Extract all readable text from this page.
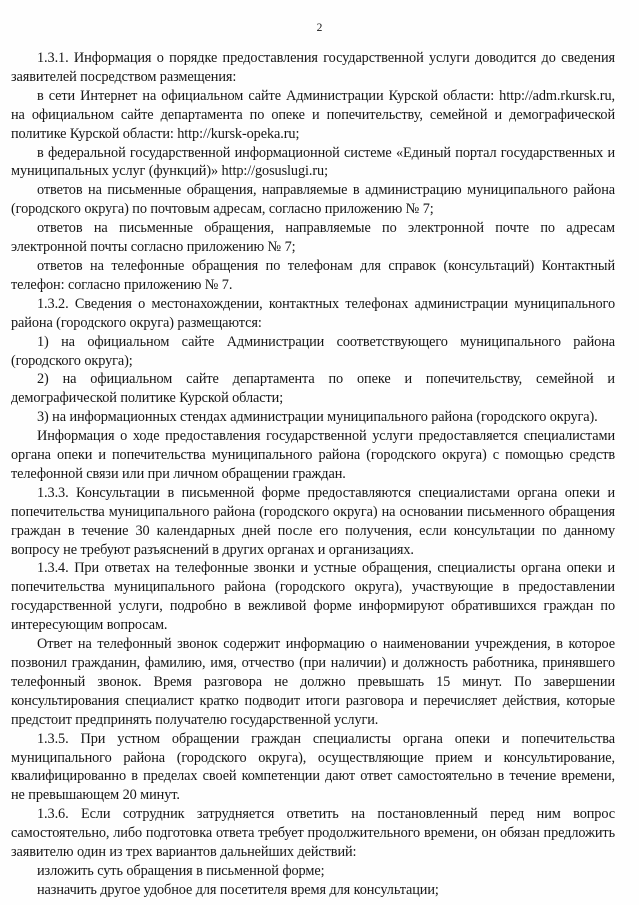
2

1.3.1. Информация о порядке предоставления государственной услуги доводится до сведения заявителей посредством размещения:

в сети Интернет на официальном сайте Администрации Курской области: http://adm.rkursk.ru, на официальном сайте департамента по опеке и попечительству, семейной и демографической политике Курской области: http://kursk-opeka.ru;

в федеральной государственной информационной системе «Единый портал государственных и муниципальных услуг (функций)» http://gosuslugi.ru;

ответов на письменные обращения, направляемые в администрацию муниципального района (городского округа) по почтовым адресам, согласно приложению № 7;

ответов на письменные обращения, направляемые по электронной почте по адресам электронной почты согласно приложению № 7;

ответов на телефонные обращения по телефонам для справок (консультаций) Контактный телефон: согласно приложению № 7.

1.3.2. Сведения о местонахождении, контактных телефонах администрации муниципального района (городского округа) размещаются:

1) на официальном сайте Администрации соответствующего муниципального района (городского округа);

2) на официальном сайте департамента по опеке и попечительству, семейной и демографической политике Курской области;

3) на информационных стендах администрации муниципального района (городского округа).

Информация о ходе предоставления государственной услуги предоставляется специалистами органа опеки и попечительства муниципального района (городского округа) с помощью средств телефонной связи или при личном обращении граждан.

1.3.3. Консультации в письменной форме предоставляются специалистами органа опеки и попечительства муниципального района (городского округа) на основании письменного обращения граждан в течение 30 календарных дней после его получения, если консультации по данному вопросу не требуют разъяснений в других органах и организациях.

1.3.4. При ответах на телефонные звонки и устные обращения, специалисты органа опеки и попечительства муниципального района (городского округа), участвующие в предоставлении государственной услуги, подробно в вежливой форме информируют обратившихся граждан по интересующим вопросам.

Ответ на телефонный звонок содержит информацию о наименовании учреждения, в которое позвонил гражданин, фамилию, имя, отчество (при наличии) и должность работника, принявшего телефонный звонок. Время разговора не должно превышать 15 минут. По завершении консультирования специалист кратко подводит итоги разговора и перечисляет действия, которые предстоит предпринять получателю государственной услуги.

1.3.5. При устном обращении граждан специалисты органа опеки и попечительства муниципального района (городского округа), осуществляющие прием и консультирование, квалифицированно в пределах своей компетенции дают ответ самостоятельно в течение времени, не превышающем 20 минут.

1.3.6. Если сотрудник затрудняется ответить на постановленный перед ним вопрос самостоятельно, либо подготовка ответа требует продолжительного времени, он обязан предложить заявителю один из трех вариантов дальнейших действий:

изложить суть обращения в письменной форме;

назначить другое удобное для посетителя время для консультации;
